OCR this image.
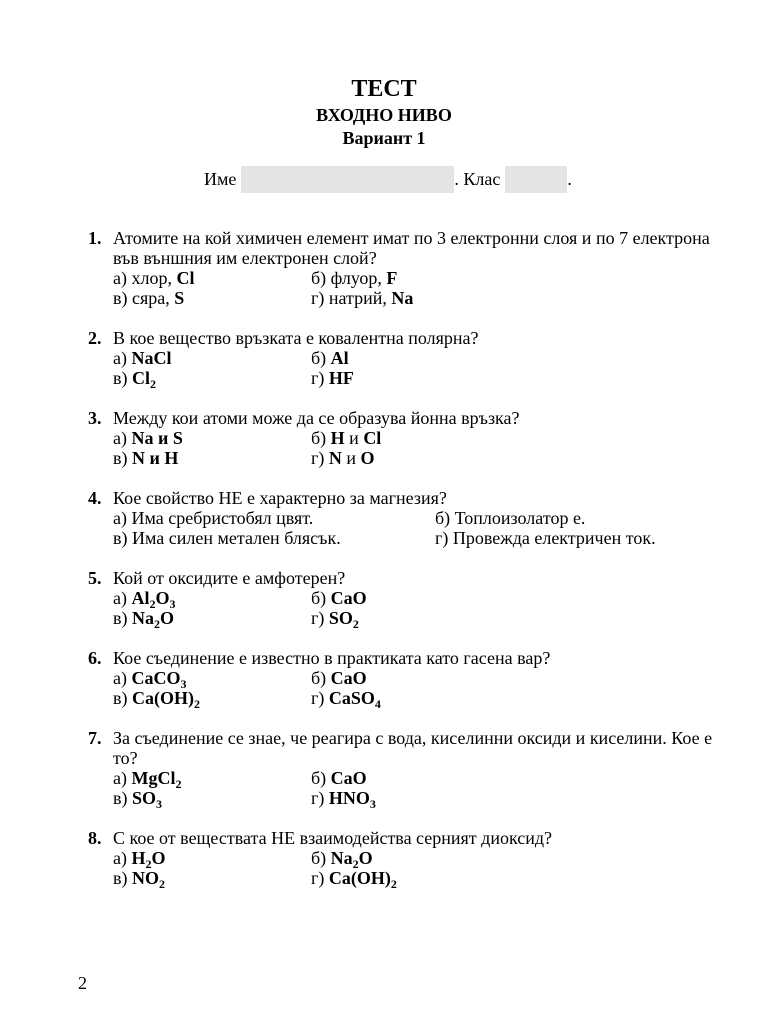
ТЕСТ
ВХОДНО НИВО
Вариант 1
Име	. Клас	.
1. Атомите на кой химичен елемент имат по 3 електронни слоя и по 7 електрона във външния им електронен слой?
а) хлор, Cl	б) флуор, F
в) сяра, S	г) натрий, Na
2. В кое вещество връзката е ковалентна полярна?
а) NaCl	б) Al
в) $Cl_2$	г) HF
3. Между кои атоми може да се образува йонна връзка?
а) Na и S	б) H и Cl
в) N и H	г) N и O
4. Кое свойство НЕ е характерно за магнезия?
а) Има сребристобял цвят.	б) Топлоизолатор е.
в) Има силен метален блясък.	г) Провежда електричен ток.
5. Кой от оксидите е амфотерен?
а) $Al_2O_3$	б) CaO
в) $Na_2O$	г) $SO_2$
6. Кое съединение е известно в практиката като гасена вар?
а) CaCO$_3$	б) CaO
в) $Ca(OH)_2$	г) CaSO$_4$
7. За съединение се знае, че реагира с вода, киселинни оксиди и киселини. Кое е то?
а) MgCl$_2$	б) CaO
в) $SO_3$	г) $HNO_3$
8. С кое от веществата НЕ взаимодейства серният диоксид?
а) $H_2O$	б) $Na_2O$
в) $NO_2$	г) $Ca(OH)_2$
2
